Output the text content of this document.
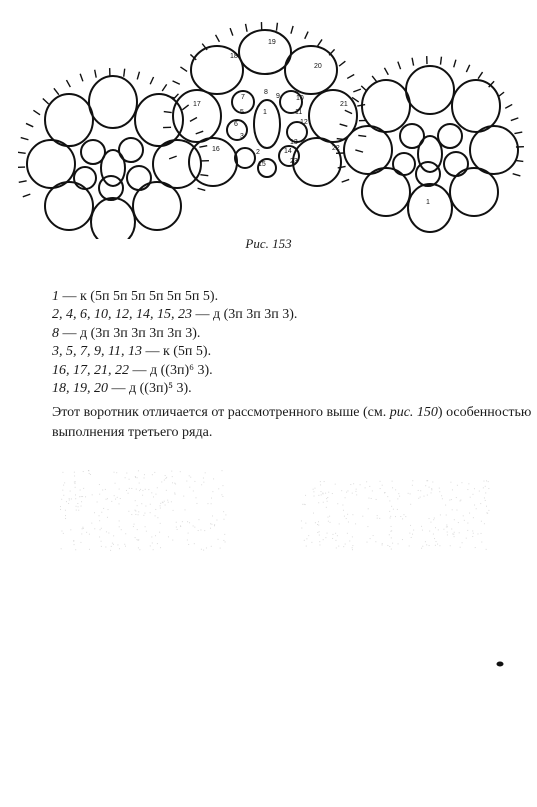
1
2
3
5
6
7
8
9 10
11
12
13
14
15
16
17
18
19
20
21
22
23
1
Рис. 153
1 — к (5п 5п 5п 5п 5п 5п 5).
2, 4, 6, 10, 12, 14, 15, 23 — д (3п 3п 3п 3).
8 — д (3п 3п 3п 3п 3п 3).
3, 5, 7, 9, 11, 13 — к (5п 5).
16, 17, 21, 22 — д ((3п)⁶ 3).
18, 19, 20 — д ((3п)⁵ 3).
Этот воротник отличается от рассмотренного выше (см. рис. 150) особенностью выполнения третьего ряда.
